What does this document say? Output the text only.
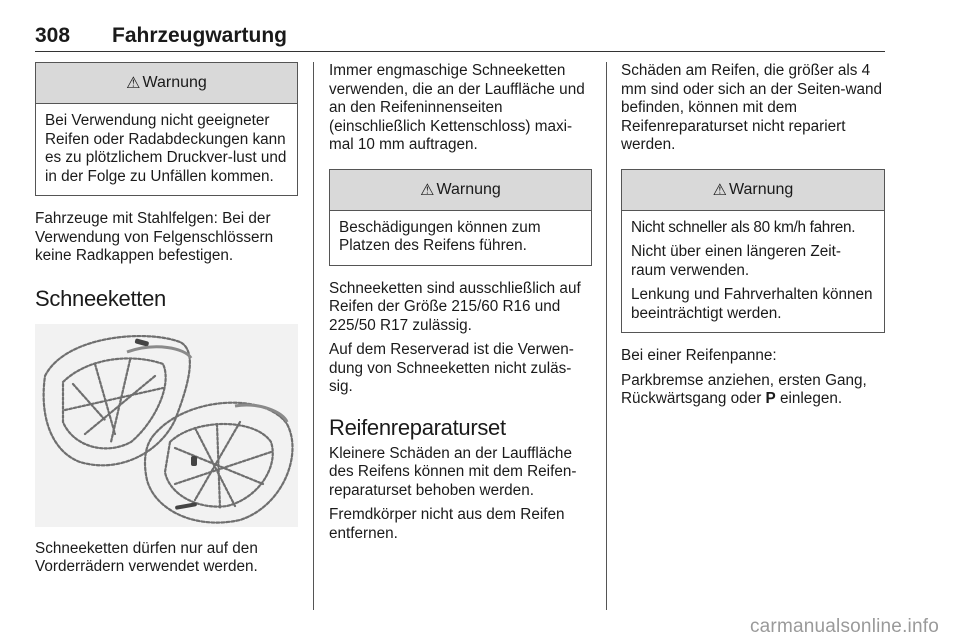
308 Fahrzeugwartung
⚠ Warnung

Bei Verwendung nicht geeigneter Reifen oder Radabdeckungen kann es zu plötzlichem Druckver-lust und in der Folge zu Unfällen kommen.

Fahrzeuge mit Stahlfelgen: Bei der Verwendung von Felgenschlössern keine Radkappen befestigen.

Schneeketten

Schneeketten dürfen nur auf den Vorderrädern verwendet werden.

Immer engmaschige Schneeketten verwenden, die an der Lauffläche und an den Reifeninnenseiten (einschließlich Kettenschloss) maxi-mal 10 mm auftragen.

⚠ Warnung

Beschädigungen können zum Platzen des Reifens führen.

Schneeketten sind ausschließlich auf Reifen der Größe 215/60 R16 und 225/50 R17 zulässig.

Auf dem Reserverad ist die Verwen-dung von Schneeketten nicht zuläs-sig.

Reifenreparaturset

Kleinere Schäden an der Lauffläche des Reifens können mit dem Reifen-reparaturset behoben werden.

Fremdkörper nicht aus dem Reifen entfernen.

Schäden am Reifen, die größer als 4 mm sind oder sich an der Seiten-wand befinden, können mit dem Reifenreparaturset nicht repariert werden.

⚠ Warnung

Nicht schneller als 80 km/h fahren.

Nicht über einen längeren Zeit-raum verwenden.

Lenkung und Fahrverhalten können beeinträchtigt werden.

Bei einer Reifenpanne:

Parkbremse anziehen, ersten Gang, Rückwärtsgang oder P einlegen.

carmanualsonline.info
